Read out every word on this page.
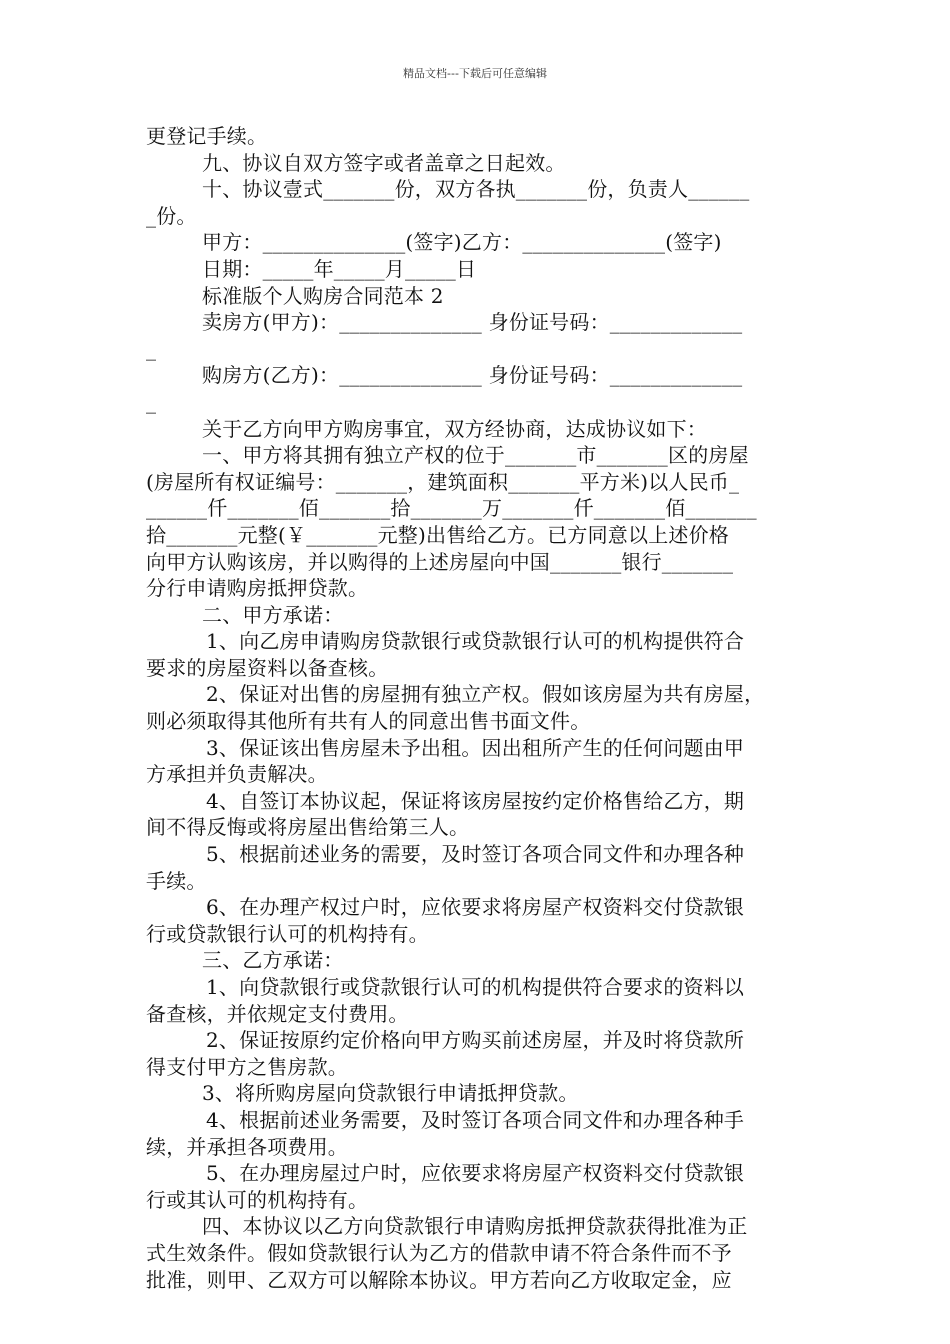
精品文档---下载后可任意编辑
更登记手续。
九、协议自双方签字或者盖章之日起效。
十、协议壹式_______份，双方各执_______份，负责人______
_份。
甲方：______________(签字)乙方：______________(签字)
日期：_____年_____月_____日
标准版个人购房合同范本 2
卖房方(甲方)：______________ 身份证号码：_____________
_
购房方(乙方)：______________ 身份证号码：_____________
_
关于乙方向甲方购房事宜，双方经协商，达成协议如下：
一、甲方将其拥有独立产权的位于_______市_______区的房屋
(房屋所有权证编号：_______，建筑面积_______平方米)以人民币_
______仟_______佰_______拾_______万_______仟_______佰_______
拾_______元整(￥_______元整)出售给乙方。已方同意以上述价格
向甲方认购该房，并以购得的上述房屋向中国_______银行_______
分行申请购房抵押贷款。
二、甲方承诺：
1、向乙房申请购房贷款银行或贷款银行认可的机构提供符合
要求的房屋资料以备查核。
2、保证对出售的房屋拥有独立产权。假如该房屋为共有房屋，
则必须取得其他所有共有人的同意出售书面文件。
3、保证该出售房屋未予出租。因出租所产生的任何问题由甲
方承担并负责解决。
4、自签订本协议起，保证将该房屋按约定价格售给乙方，期
间不得反悔或将房屋出售给第三人。
5、根据前述业务的需要，及时签订各项合同文件和办理各种
手续。
6、在办理产权过户时，应依要求将房屋产权资料交付贷款银
行或贷款银行认可的机构持有。
三、乙方承诺：
1、向贷款银行或贷款银行认可的机构提供符合要求的资料以
备查核，并依规定支付费用。
2、保证按原约定价格向甲方购买前述房屋，并及时将贷款所
得支付甲方之售房款。
3、将所购房屋向贷款银行申请抵押贷款。
4、根据前述业务需要，及时签订各项合同文件和办理各种手
续，并承担各项费用。
5、在办理房屋过户时，应依要求将房屋产权资料交付贷款银
行或其认可的机构持有。
四、本协议以乙方向贷款银行申请购房抵押贷款获得批准为正
式生效条件。假如贷款银行认为乙方的借款申请不符合条件而不予
批准，则甲、乙双方可以解除本协议。甲方若向乙方收取定金，应
